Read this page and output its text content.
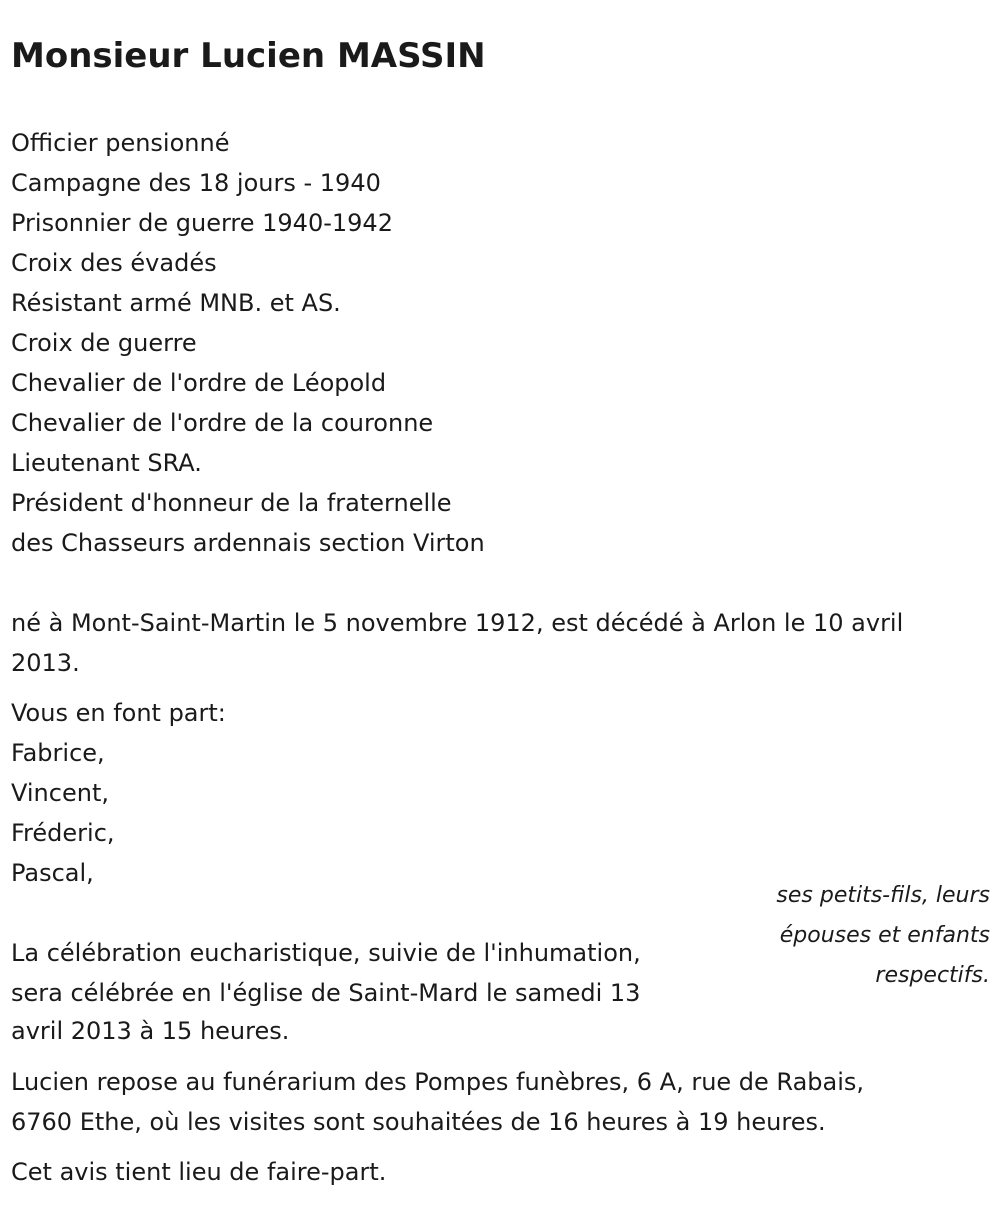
Monsieur Lucien MASSIN

Officier pensionné

Campagne des 18 jours - 1940

Prisonnier de guerre 1940-1942

Croix des évadés

Résistant armé MNB. et AS.

Croix de guerre

Chevalier de l'ordre de Léopold

Chevalier de l'ordre de la couronne

Lieutenant SRA.

Président d'honneur de la fraternelle

des Chasseurs ardennais section Virton

né à Mont-Saint-Martin le 5 novembre 1912, est décédé à Arlon le 10 avril

2013.

Vous en font part:

Fabrice,

Vincent,

Fréderic,

Pascal,

ses petits-fils, leurs
épouses et enfants
respectifs.

La célébration eucharistique, suivie de l'inhumation,

sera célébrée en l'église de Saint-Mard le samedi 13

avril 2013 à 15 heures.

Lucien repose au funérarium des Pompes funèbres, 6 A, rue de Rabais,

6760 Ethe, où les visites sont souhaitées de 16 heures à 19 heures.

Cet avis tient lieu de faire-part.
